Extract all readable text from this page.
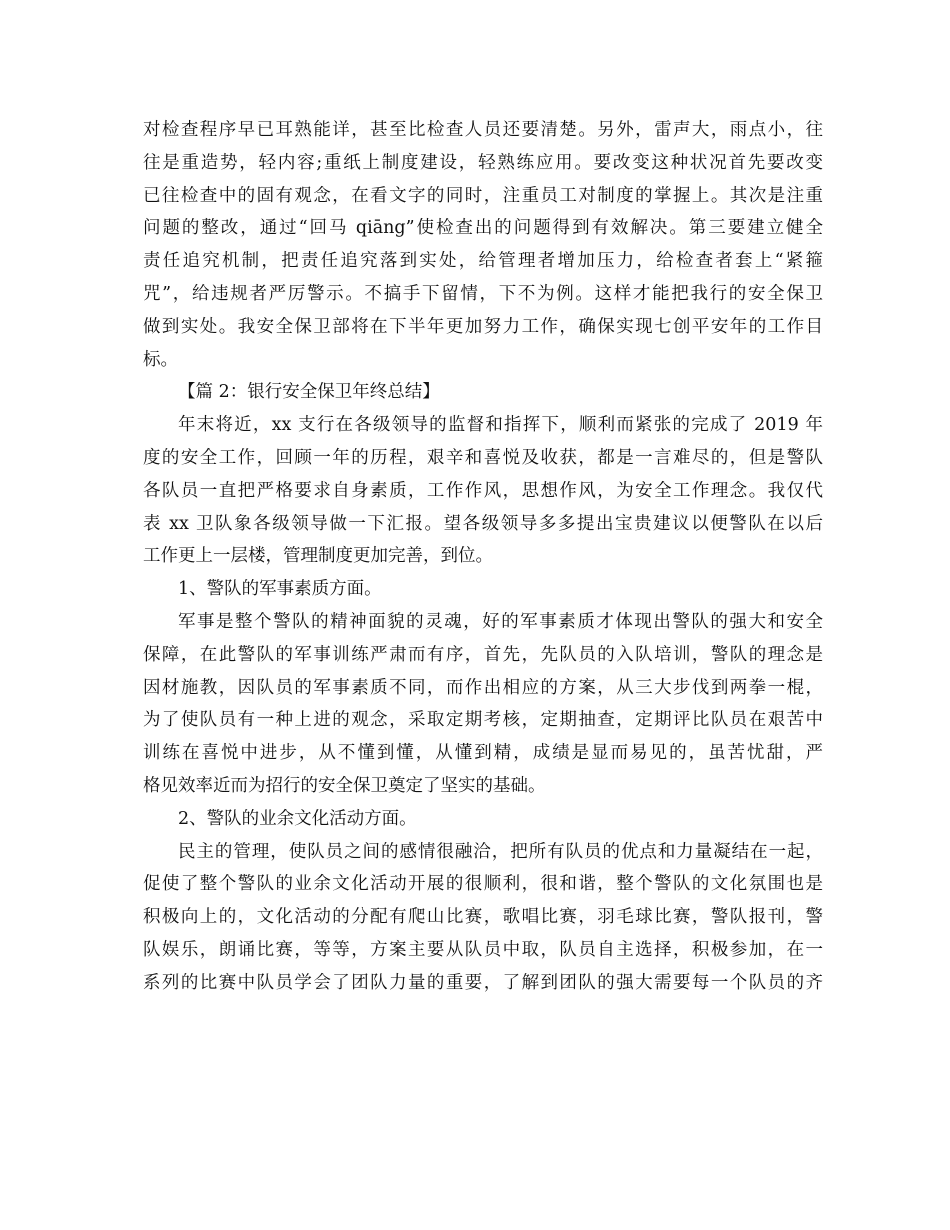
对检查程序早已耳熟能详，甚至比检查人员还要清楚。另外，雷声大，雨点小，往
往是重造势，轻内容;重纸上制度建设，轻熟练应用。要改变这种状况首先要改变
已往检查中的固有观念，在看文字的同时，注重员工对制度的掌握上。其次是注重
问题的整改，通过“回马 qiāng”使检查出的问题得到有效解决。第三要建立健全
责任追究机制，把责任追究落到实处，给管理者增加压力，给检查者套上“紧箍
咒”，给违规者严厉警示。不搞手下留情，下不为例。这样才能把我行的安全保卫
做到实处。我安全保卫部将在下半年更加努力工作，确保实现七创平安年的工作目
标。
【篇 2：银行安全保卫年终总结】
年末将近，xx 支行在各级领导的监督和指挥下，顺利而紧张的完成了 2019 年
度的安全工作，回顾一年的历程，艰辛和喜悦及收获，都是一言难尽的，但是警队
各队员一直把严格要求自身素质，工作作风，思想作风，为安全工作理念。我仅代
表 xx 卫队象各级领导做一下汇报。望各级领导多多提出宝贵建议以便警队在以后
工作更上一层楼，管理制度更加完善，到位。
1、警队的军事素质方面。
军事是整个警队的精神面貌的灵魂，好的军事素质才体现出警队的强大和安全
保障，在此警队的军事训练严肃而有序，首先，先队员的入队培训，警队的理念是
因材施教，因队员的军事素质不同，而作出相应的方案，从三大步伐到两拳一棍，
为了使队员有一种上进的观念，采取定期考核，定期抽查，定期评比队员在艰苦中
训练在喜悦中进步，从不懂到懂，从懂到精，成绩是显而易见的，虽苦忧甜，严
格见效率近而为招行的安全保卫奠定了坚实的基础。
2、警队的业余文化活动方面。
民主的管理，使队员之间的感情很融洽，把所有队员的优点和力量凝结在一起，
促使了整个警队的业余文化活动开展的很顺利，很和谐，整个警队的文化氛围也是
积极向上的，文化活动的分配有爬山比赛，歌唱比赛，羽毛球比赛，警队报刊，警
队娱乐，朗诵比赛，等等，方案主要从队员中取，队员自主选择，积极参加，在一
系列的比赛中队员学会了团队力量的重要，了解到团队的强大需要每一个队员的齐
